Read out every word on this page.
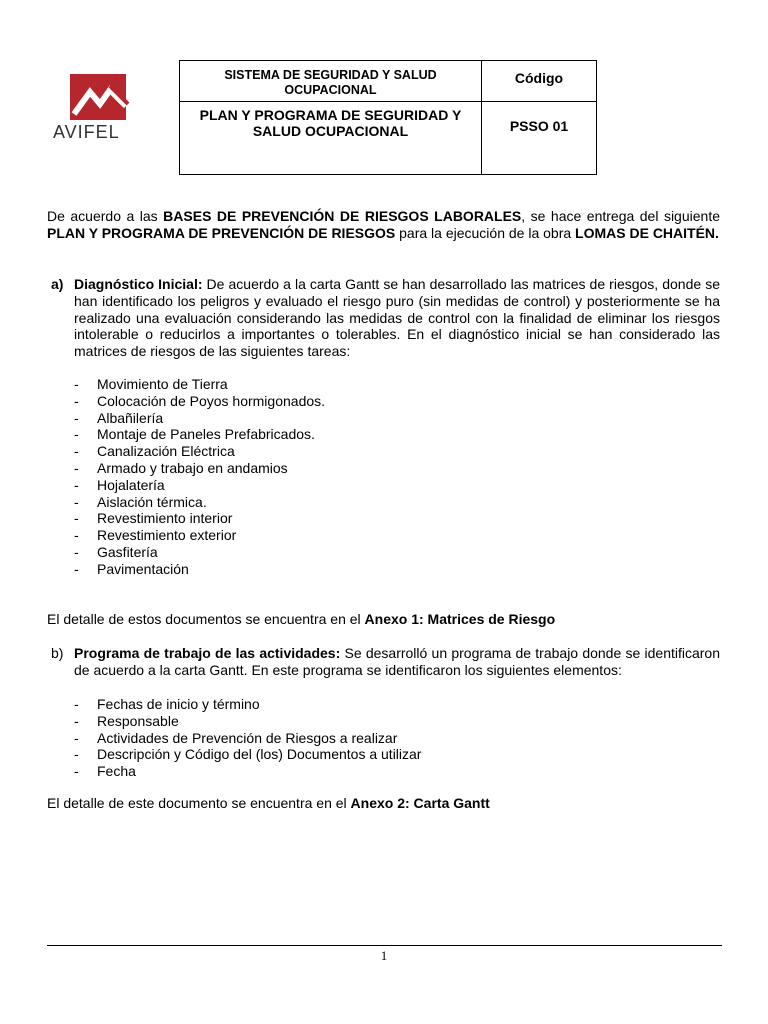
AVIFEL
SISTEMA DE SEGURIDAD Y SALUD OCUPACIONAL	Código
PLAN Y PROGRAMA DE SEGURIDAD Y SALUD OCUPACIONAL	PSSO 01
De acuerdo a las BASES DE PREVENCIÓN DE RIESGOS LABORALES, se hace entrega del siguiente PLAN Y PROGRAMA DE PREVENCIÓN DE RIESGOS para la ejecución de la obra LOMAS DE CHAITÉN.
a) Diagnóstico Inicial: De acuerdo a la carta Gantt se han desarrollado las matrices de riesgos, donde se han identificado los peligros y evaluado el riesgo puro (sin medidas de control) y posteriormente se ha realizado una evaluación considerando las medidas de control con la finalidad de eliminar los riesgos intolerable o reducirlos a importantes o tolerables. En el diagnóstico inicial se han considerado las matrices de riesgos de las siguientes tareas:
- Movimiento de Tierra
- Colocación de Poyos hormigonados.
- Albañilería
- Montaje de Paneles Prefabricados.
- Canalización Eléctrica
- Armado y trabajo en andamios
- Hojalatería
- Aislación térmica.
- Revestimiento interior
- Revestimiento exterior
- Gasfitería
- Pavimentación
El detalle de estos documentos se encuentra en el Anexo 1: Matrices de Riesgo
b) Programa de trabajo de las actividades: Se desarrolló un programa de trabajo donde se identificaron de acuerdo a la carta Gantt. En este programa se identificaron los siguientes elementos:
- Fechas de inicio y término
- Responsable
- Actividades de Prevención de Riesgos a realizar
- Descripción y Código del (los) Documentos a utilizar
- Fecha
El detalle de este documento se encuentra en el Anexo 2: Carta Gantt
1
